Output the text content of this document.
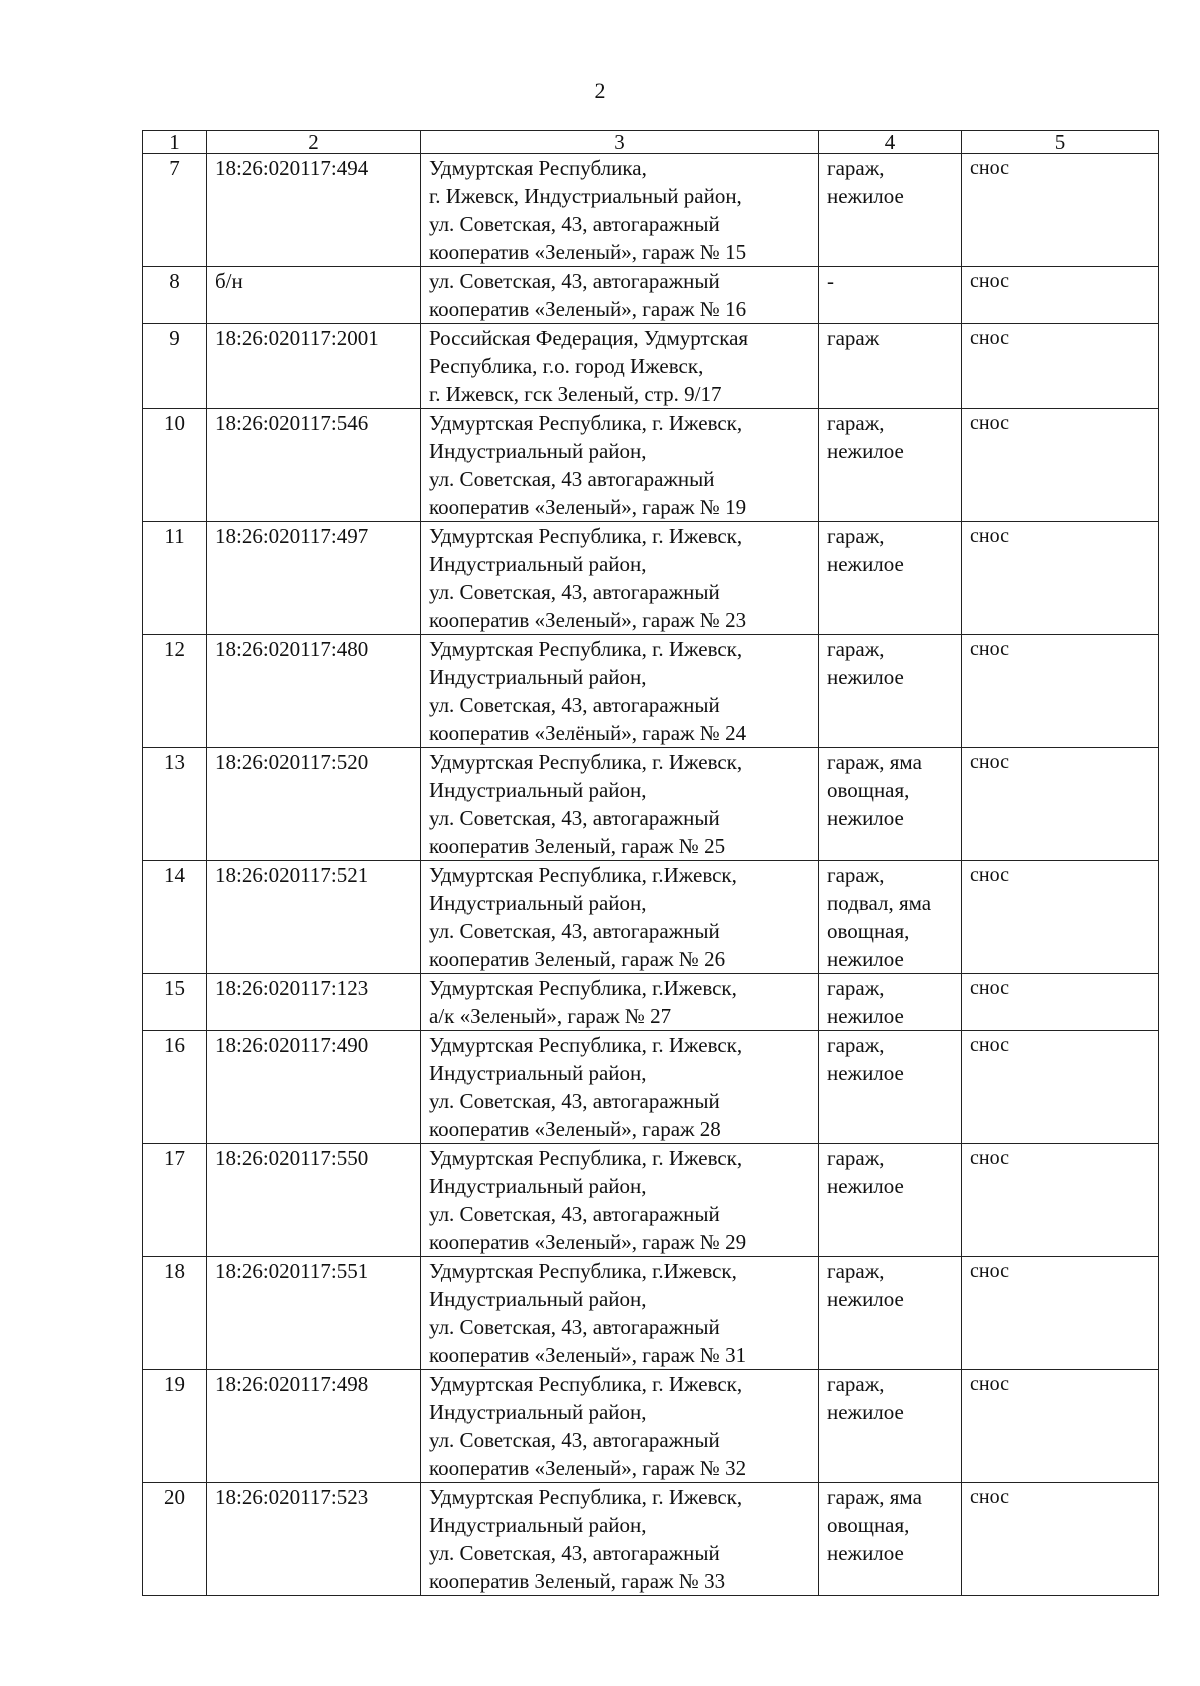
2
1	2	3	4	5
7	18:26:020117:494	Удмуртская Республика,
г. Ижевск, Индустриальный район,
ул. Советская, 43, автогаражный
кооператив «Зеленый», гараж № 15	гараж,
нежилое	снос
8	б/н	ул. Советская, 43, автогаражный
кооператив «Зеленый», гараж № 16	-	снос
9	18:26:020117:2001	Российская Федерация, Удмуртская
Республика, г.о. город Ижевск,
г. Ижевск, гск Зеленый, стр. 9/17	гараж	снос
10	18:26:020117:546	Удмуртская Республика, г. Ижевск,
Индустриальный район,
ул. Советская, 43 автогаражный
кооператив «Зеленый», гараж № 19	гараж,
нежилое	снос
11	18:26:020117:497	Удмуртская Республика, г. Ижевск,
Индустриальный район,
ул. Советская, 43, автогаражный
кооператив «Зеленый», гараж № 23	гараж,
нежилое	снос
12	18:26:020117:480	Удмуртская Республика, г. Ижевск,
Индустриальный район,
ул. Советская, 43, автогаражный
кооператив «Зелёный», гараж № 24	гараж,
нежилое	снос
13	18:26:020117:520	Удмуртская Республика, г. Ижевск,
Индустриальный район,
ул. Советская, 43, автогаражный
кооператив Зеленый, гараж № 25	гараж, яма
овощная,
нежилое	снос
14	18:26:020117:521	Удмуртская Республика, г.Ижевск,
Индустриальный район,
ул. Советская, 43, автогаражный
кооператив Зеленый, гараж № 26	гараж,
подвал, яма
овощная,
нежилое	снос
15	18:26:020117:123	Удмуртская Республика, г.Ижевск,
а/к «Зеленый», гараж № 27	гараж,
нежилое	снос
16	18:26:020117:490	Удмуртская Республика, г. Ижевск,
Индустриальный район,
ул. Советская, 43, автогаражный
кооператив «Зеленый», гараж 28	гараж,
нежилое	снос
17	18:26:020117:550	Удмуртская Республика, г. Ижевск,
Индустриальный район,
ул. Советская, 43, автогаражный
кооператив «Зеленый», гараж № 29	гараж,
нежилое	снос
18	18:26:020117:551	Удмуртская Республика, г.Ижевск,
Индустриальный район,
ул. Советская, 43, автогаражный
кооператив «Зеленый», гараж № 31	гараж,
нежилое	снос
19	18:26:020117:498	Удмуртская Республика, г. Ижевск,
Индустриальный район,
ул. Советская, 43, автогаражный
кооператив «Зеленый», гараж № 32	гараж,
нежилое	снос
20	18:26:020117:523	Удмуртская Республика, г. Ижевск,
Индустриальный район,
ул. Советская, 43, автогаражный
кооператив Зеленый, гараж № 33	гараж, яма
овощная,
нежилое	снос
